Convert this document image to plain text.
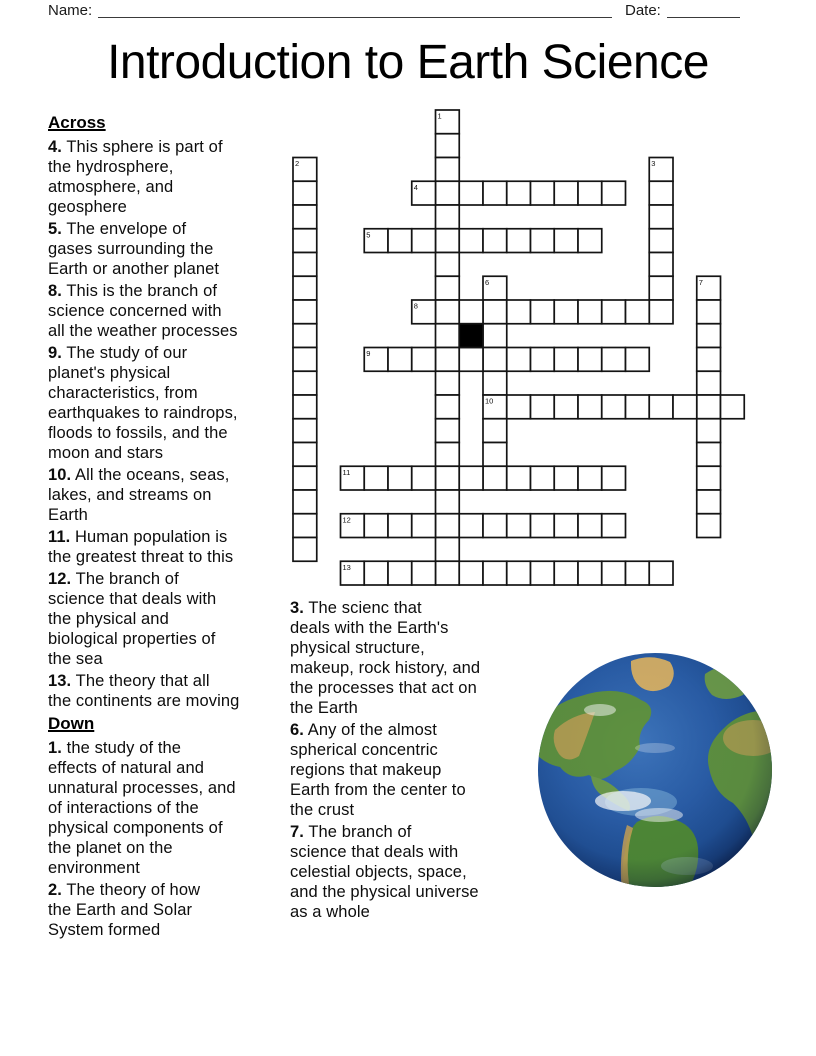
Name:	Date:
Introduction to Earth Science
Across
4. This sphere is part of
the hydrosphere,
atmosphere, and
geosphere
5. The envelope of
gases surrounding the
Earth or another planet
8. This is the branch of
science concerned with
all the weather processes
9. The study of our
planet's physical
characteristics, from
earthquakes to raindrops,
floods to fossils, and the
moon and stars
10. All the oceans, seas,
lakes, and streams on
Earth
11. Human population is
the greatest threat to this
12. The branch of
science that deals with
the physical and
biological properties of
the sea
13. The theory that all
the continents are moving
Down
1. the study of the
effects of natural and
unnatural processes, and
of interactions of the
physical components of
the planet on the
environment
2. The theory of how
the Earth and Solar
System formed
3. The scienc that
deals with the Earth's
physical structure,
makeup, rock history, and
the processes that act on
the Earth
6. Any of the almost
spherical concentric
regions that makeup
Earth from the center to
the crust
7. The branch of
science that deals with
celestial objects, space,
and the physical universe
as a whole
1
2	3
4
5
6	7
8
9
10
11
12
13
